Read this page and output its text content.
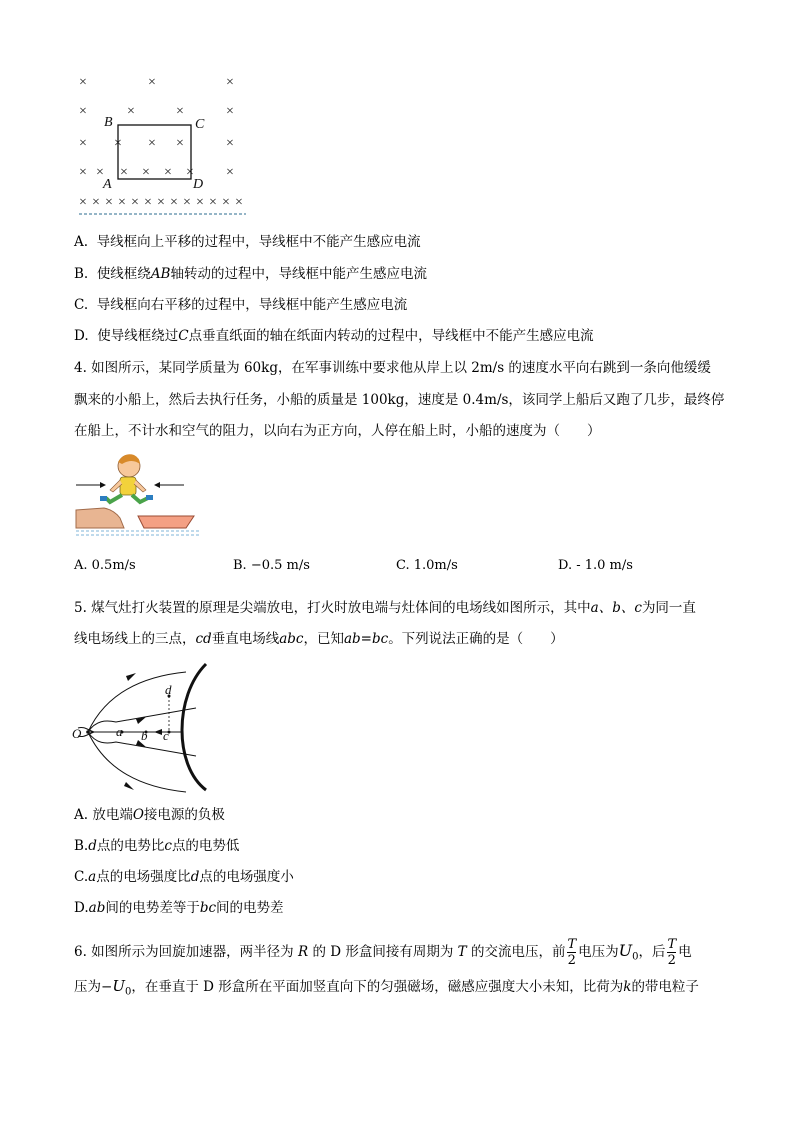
×	×	×
×	×	×	×
× × × ×	×
× × × × × × ×
× × × × × × × × × × × × ×
B	C
A	D
A. 导线框向上平移的过程中，导线框中不能产生感应电流
B. 使线框绕AB轴转动的过程中，导线框中能产生感应电流
C. 导线框向右平移的过程中，导线框中能产生感应电流
D. 使导线框绕过C点垂直纸面的轴在纸面内转动的过程中，导线框中不能产生感应电流
4. 如图所示，某同学质量为 60kg，在军事训练中要求他从岸上以 2m/s 的速度水平向右跳到一条向他缓缓
飘来的小船上，然后去执行任务，小船的质量是 100kg，速度是 0.4m/s，该同学上船后又跑了几步，最终停
在船上，不计水和空气的阻力，以向右为正方向，人停在船上时，小船的速度为（　　）
A. 0.5m/s	B. −0.5 m/s	C. 1.0m/s	D. ‐ 1.0 m/s
5. 煤气灶打火装置的原理是尖端放电，打火时放电端与灶体间的电场线如图所示，其中a、b、c为同一直
线电场线上的三点，cd垂直电场线abc，已知ab=bc。下列说法正确的是（　　）
O	a b c
d
A. 放电端O接电源的负极
B.d点的电势比c点的电势低
C.a点的电场强度比d点的电场强度小
D.ab间的电势差等于bc间的电势差
6. 如图所示为回旋加速器，两半径为 R 的 D 形盒间接有周期为 T 的交流电压，前 $\frac{T}{2}$ 电压为$U_0$，后 $\frac{T}{2}$ 电
压为$-U_0$，在垂直于 D 形盒所在平面加竖直向下的匀强磁场，磁感应强度大小未知，比荷为k的带电粒子
